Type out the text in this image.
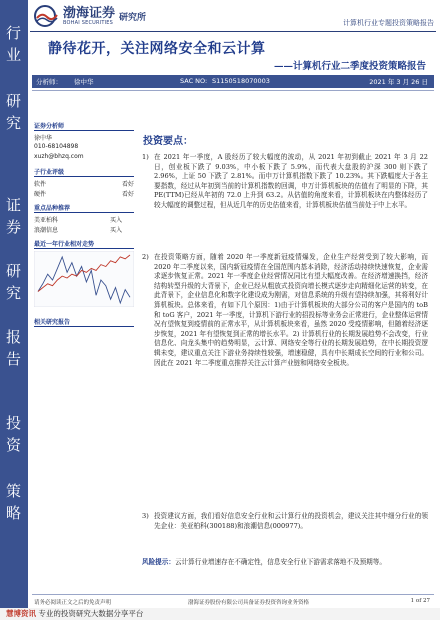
行
业
研
究
证
券
研
究
报
告
投
资
策
略
渤海证券
BOHAI SECURITIES 研究所
计算机行业专题投资策略报告
静待花开，关注网络安全和云计算
——计算机行业二季度投资策略报告
分析师： 徐中华	SAC NO: S1150518070003	2021 年 3 月 26 日
证券分析师
徐中华
010-68104898
xuzh@bhzq.com
子行业评级
软件	看好
硬件	看好
重点品种推荐
美亚柏科	买入
浪潮信息	买入
最近一年行业相对走势
相关研究报告
投资要点：
1) 在 2021 年一季度，A 股经历了较大幅度的波动，从 2021 年初到截止 2021 年 3 月 22 日，创业板下跌了 9.03%，中小板下跌了 5.9%，而代表大盘股的沪深 300 则下跌了 2.96%，上证 50 下跌了 2.81%。而申万计算机指数下跌了 10.23%。其下跌幅度大于各主要指数，经过从年初到当前的计算机指数的回调，申万计算机板块的估值有了明显的下降，其 PE(TTM)已经从年初的 72.0 上升到 63.2。从估值的角度来看，计算机板块在内整体经历了较大幅度的调整过程，但从近几年的历史估值来看，计算机板块估值当前处于中上水平。
2) 在投资策略方面，随着 2020 年一季度新冠疫情爆发，企业生产经营受到了较大影响，而 2020 年二季度以来，国内新冠疫情在全国范围内基本消除，经济活动持续快速恢复，企业需求逐步恢复正常。2021 年一季度企业经营情况同比有望大幅度改善。在经济增速换挡，经济结构转型升级的大背景下，企业已经从粗放式投资向增长模式逐步走向精细化运营的转变，在此背景下，企业信息化和数字化建设成为刚需，对信息系统的升级有望持续加强，其将利好计算机板块。总体来看，有如下几个原因：1)由于计算机板块的大部分公司的客户是国内的 toB 和 toG 客户，2021 年一季度，计算机下游行业的招投标等业务会正常进行，企业整体运营情况有望恢复到疫情前的正常水平，从计算机板块来看，虽然 2020 受疫情影响，但随着经济逐步恢复，2021 年有望恢复到正常的增长水平。2) 计算机行业的长期发展趋势不会改变，行业信息化、向龙头集中的趋势明显，云计算、网络安全等行业的长期发展趋势，在中长期投资逻辑未变，建议重点关注下游业务持续性较强，增速稳健，具有中长期成长空间的行业和公司。因此在 2021 年二季度重点推荐关注云计算产业链和网络安全板块。
3) 投资建议方面，我们看好信息安全行业和云计算行业的投资机会，建议关注其中细分行业的领先企业：美亚柏科(300188)和浪潮信息(000977)。
风险提示：云计算行业增速存在不确定性，信息安全行业下游需求落地不及预期等。
请务必阅读正文之后的免责声明	渤海证券股份有限公司具备证券投资咨询业务资格	1 of 27
慧博资讯 专业的投资研究大数据分享平台
